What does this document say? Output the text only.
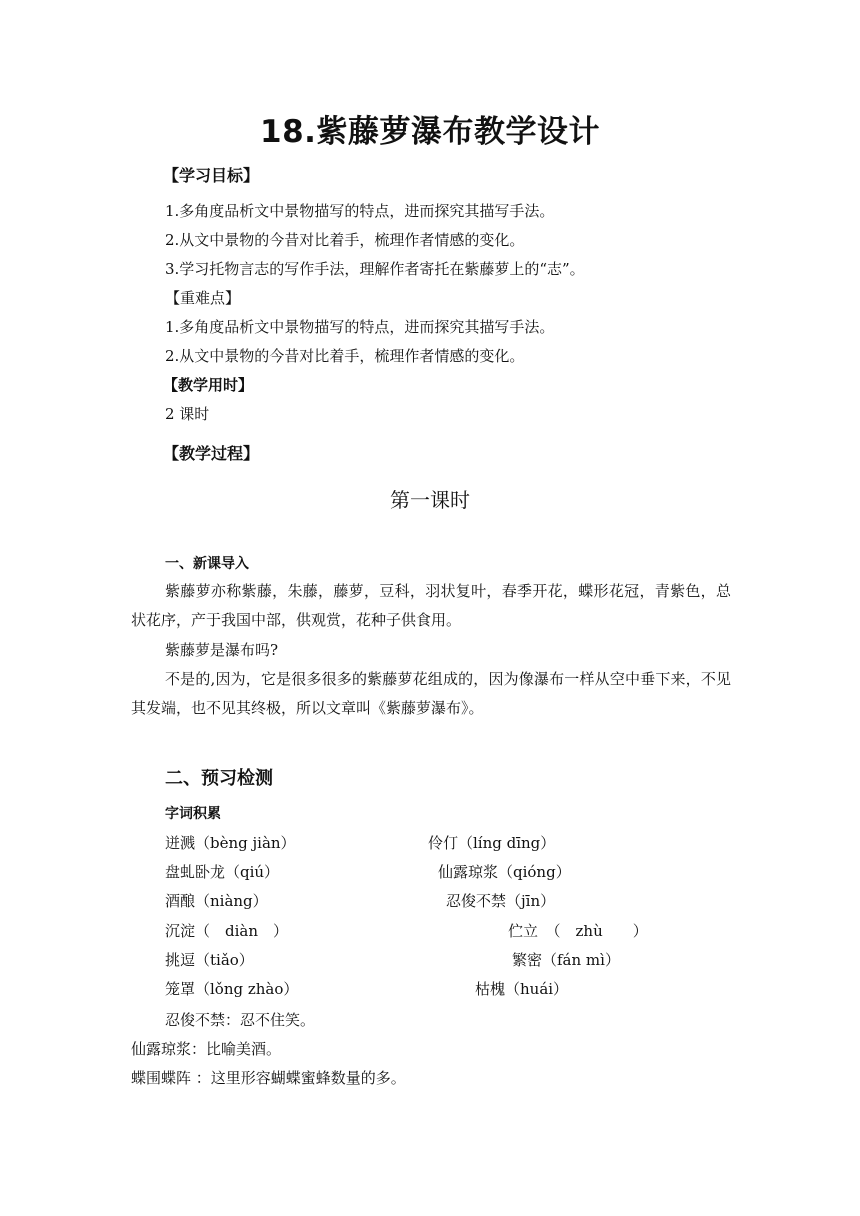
18.紫藤萝瀑布教学设计
【学习目标】
1.多角度品析文中景物描写的特点，进而探究其描写手法。
2.从文中景物的今昔对比着手，梳理作者情感的变化。
3.学习托物言志的写作手法，理解作者寄托在紫藤萝上的“志”。
【重难点】
1.多角度品析文中景物描写的特点，进而探究其描写手法。
2.从文中景物的今昔对比着手，梳理作者情感的变化。
【教学用时】
2 课时
【教学过程】
第一课时
一、新课导入
紫藤萝亦称紫藤，朱藤，藤萝，豆科，羽状复叶，春季开花，蝶形花冠，青紫色，总状花序，产于我国中部，供观赏，花种子供食用。
紫藤萝是瀑布吗?
不是的,因为，它是很多很多的紫藤萝花组成的，因为像瀑布一样从空中垂下来，不见其发端，也不见其终极，所以文章叫《紫藤萝瀑布》。
二、预习检测
字词积累
迸溅（bèng jiàn）	伶仃（líng dīng）
盘虬卧龙（qiú）	仙露琼浆（qióng）
酒酿（niàng）	忍俊不禁（jīn）
沉淀（　diàn　）	伫立　（　zhù　　）
挑逗（tiǎo）	繁密（fán mì）
笼罩（lǒng zhào）	枯槐（huái）
忍俊不禁：忍不住笑。
仙露琼浆：比喻美酒。
蝶围蝶阵 ：这里形容蝴蝶蜜蜂数量的多。
